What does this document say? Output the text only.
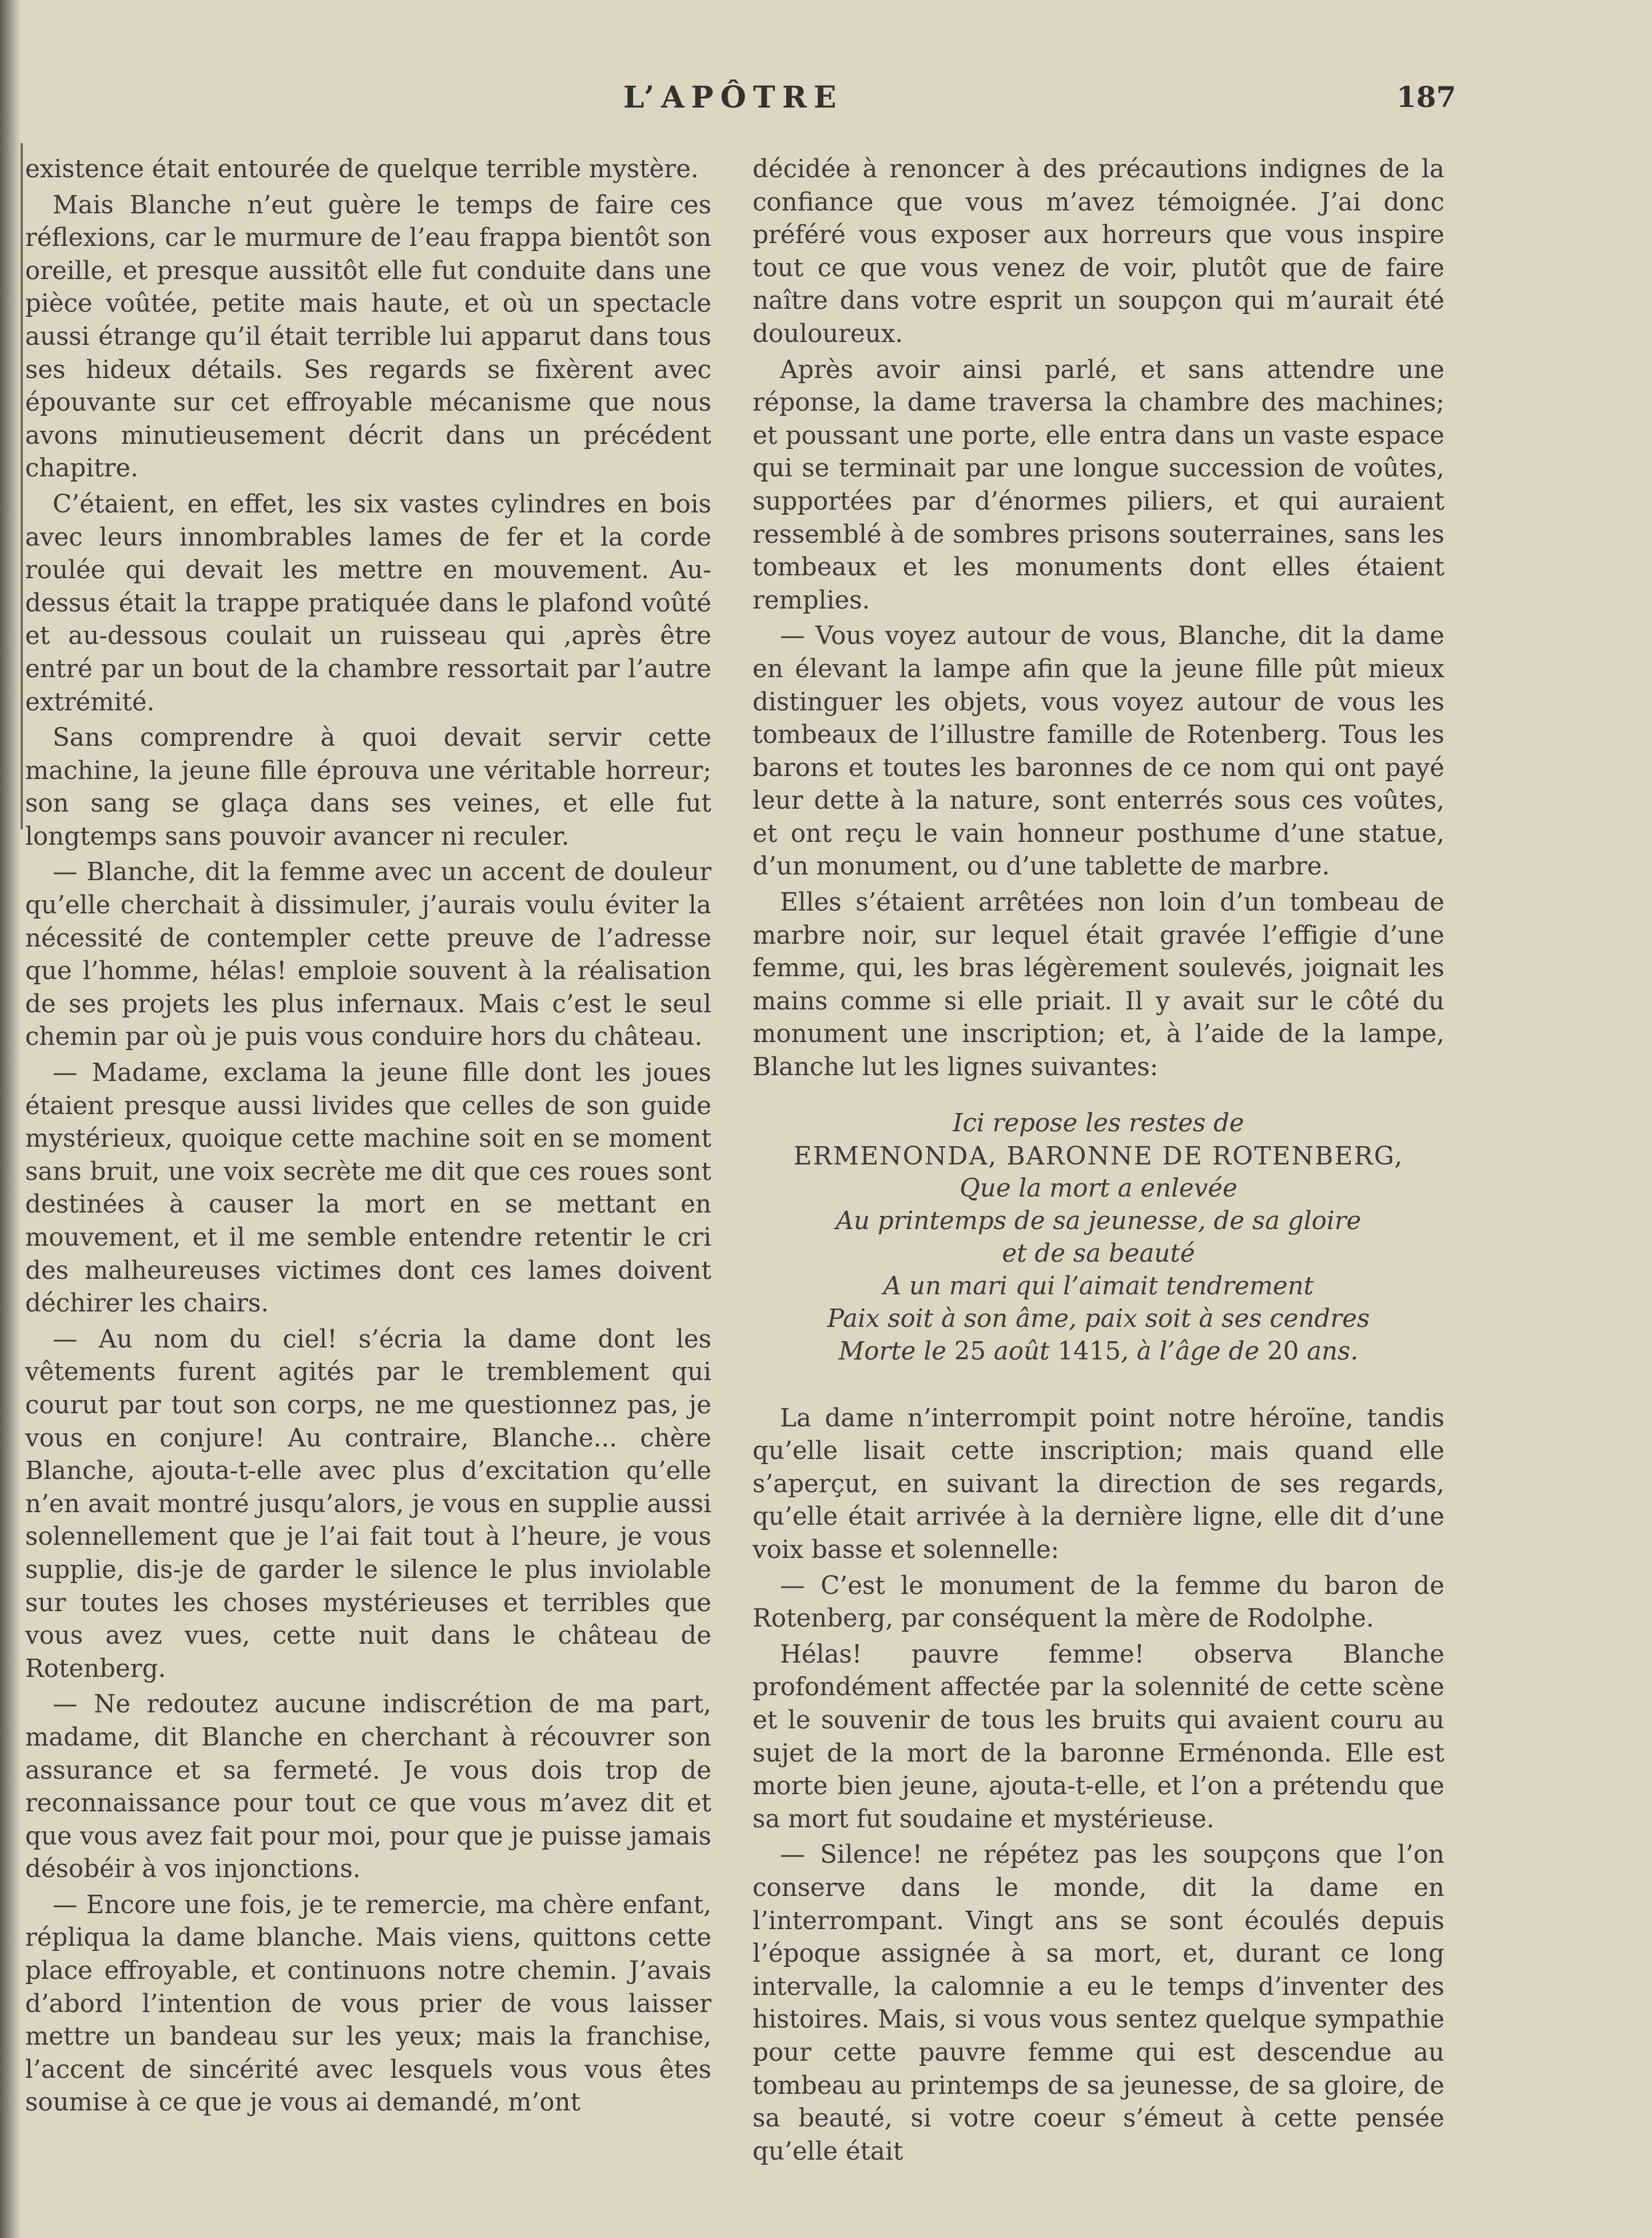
L’APÔTRE	187

existence était entourée de quelque terrible mystère.

Mais Blanche n’eut guère le temps de faire ces réflexions, car le murmure de l’eau frappa bientôt son oreille, et presque aussitôt elle fut conduite dans une pièce voûtée, petite mais haute, et où un spectacle aussi étrange qu’il était terrible lui apparut dans tous ses hideux détails. Ses regards se fixèrent avec épouvante sur cet effroyable mécanisme que nous avons minutieusement décrit dans un précédent chapitre.

C’étaient, en effet, les six vastes cylindres en bois avec leurs innombrables lames de fer et la corde roulée qui devait les mettre en mouvement. Au-dessus était la trappe pratiquée dans le plafond voûté et au-dessous coulait un ruisseau qui ,après être entré par un bout de la chambre ressortait par l’autre extrémité.

Sans comprendre à quoi devait servir cette machine, la jeune fille éprouva une véritable horreur; son sang se glaça dans ses veines, et elle fut longtemps sans pouvoir avancer ni reculer.

— Blanche, dit la femme avec un accent de douleur qu’elle cherchait à dissimuler, j’aurais voulu éviter la nécessité de contempler cette preuve de l’adresse que l’homme, hélas! emploie souvent à la réalisation de ses projets les plus infernaux. Mais c’est le seul chemin par où je puis vous conduire hors du château.

— Madame, exclama la jeune fille dont les joues étaient presque aussi livides que celles de son guide mystérieux, quoique cette machine soit en se moment sans bruit, une voix secrète me dit que ces roues sont destinées à causer la mort en se mettant en mouvement, et il me semble entendre retentir le cri des malheureuses victimes dont ces lames doivent déchirer les chairs.

— Au nom du ciel! s’écria la dame dont les vêtements furent agités par le tremblement qui courut par tout son corps, ne me questionnez pas, je vous en conjure! Au contraire, Blanche... chère Blanche, ajouta-t-elle avec plus d’excitation qu’elle n’en avait montré jusqu’alors, je vous en supplie aussi solennellement que je l’ai fait tout à l’heure, je vous supplie, dis-je de garder le silence le plus inviolable sur toutes les choses mystérieuses et terribles que vous avez vues, cette nuit dans le château de Rotenberg.

— Ne redoutez aucune indiscrétion de ma part, madame, dit Blanche en cherchant à récouvrer son assurance et sa fermeté. Je vous dois trop de reconnaissance pour tout ce que vous m’avez dit et que vous avez fait pour moi, pour que je puisse jamais désobéir à vos injonctions.

— Encore une fois, je te remercie, ma chère enfant, répliqua la dame blanche. Mais viens, quittons cette place effroyable, et continuons notre chemin. J’avais d’abord l’intention de vous prier de vous laisser mettre un bandeau sur les yeux; mais la franchise, l’accent de sincérité avec lesquels vous vous êtes soumise à ce que je vous ai demandé, m’ont

décidée à renoncer à des précautions indignes de la confiance que vous m’avez témoignée. J’ai donc préféré vous exposer aux horreurs que vous inspire tout ce que vous venez de voir, plutôt que de faire naître dans votre esprit un soupçon qui m’aurait été douloureux.

Après avoir ainsi parlé, et sans attendre une réponse, la dame traversa la chambre des machines; et poussant une porte, elle entra dans un vaste espace qui se terminait par une longue succession de voûtes, supportées par d’énormes piliers, et qui auraient ressemblé à de sombres prisons souterraines, sans les tombeaux et les monuments dont elles étaient remplies.

— Vous voyez autour de vous, Blanche, dit la dame en élevant la lampe afin que la jeune fille pût mieux distinguer les objets, vous voyez autour de vous les tombeaux de l’illustre famille de Rotenberg. Tous les barons et toutes les baronnes de ce nom qui ont payé leur dette à la nature, sont enterrés sous ces voûtes, et ont reçu le vain honneur posthume d’une statue, d’un monument, ou d’une tablette de marbre.

Elles s’étaient arrêtées non loin d’un tombeau de marbre noir, sur lequel était gravée l’effigie d’une femme, qui, les bras légèrement soulevés, joignait les mains comme si elle priait. Il y avait sur le côté du monument une inscription; et, à l’aide de la lampe, Blanche lut les lignes suivantes:

Ici repose les restes de
ERMENONDA, BARONNE DE ROTENBERG,
Que la mort a enlevée
Au printemps de sa jeunesse, de sa gloire
et de sa beauté
A un mari qui l’aimait tendrement
Paix soit à son âme, paix soit à ses cendres
Morte le 25 août 1415, à l’âge de 20 ans.

La dame n’interrompit point notre héroïne, tandis qu’elle lisait cette inscription; mais quand elle s’aperçut, en suivant la direction de ses regards, qu’elle était arrivée à la dernière ligne, elle dit d’une voix basse et solennelle:

— C’est le monument de la femme du baron de Rotenberg, par conséquent la mère de Rodolphe.

Hélas! pauvre femme! observa Blanche profondément affectée par la solennité de cette scène et le souvenir de tous les bruits qui avaient couru au sujet de la mort de la baronne Erménonda. Elle est morte bien jeune, ajouta-t-elle, et l’on a prétendu que sa mort fut soudaine et mystérieuse.

— Silence! ne répétez pas les soupçons que l’on conserve dans le monde, dit la dame en l’interrompant. Vingt ans se sont écoulés depuis l’époque assignée à sa mort, et, durant ce long intervalle, la calomnie a eu le temps d’inventer des histoires. Mais, si vous vous sentez quelque sympathie pour cette pauvre femme qui est descendue au tombeau au printemps de sa jeunesse, de sa gloire, de sa beauté, si votre coeur s’émeut à cette pensée qu’elle était
